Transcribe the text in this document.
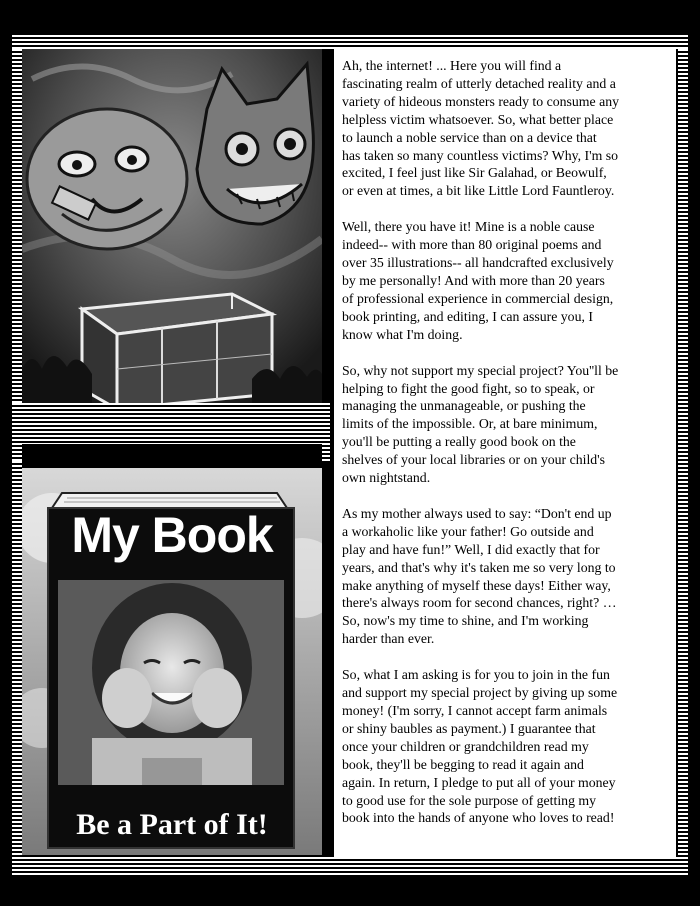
My Book
Be a Part of It!

Ah, the internet! ... Here you will find a
fascinating realm of utterly detached reality and a
variety of hideous monsters ready to consume any
helpless victim whatsoever. So, what better place
to launch a noble service than on a device that
has taken so many countless victims? Why, I'm so
excited, I feel just like Sir Galahad, or Beowulf,
or even at times, a bit like Little Lord Fauntleroy.

Well, there you have it! Mine is a noble cause
indeed-- with more than 80 original poems and
over 35 illustrations-- all handcrafted exclusively
by me personally! And with more than 20 years
of professional experience in commercial design,
book printing, and editing, I can assure you, I
know what I'm doing.

So, why not support my special project? You''ll be
helping to fight the good fight, so to speak, or
managing the unmanageable, or pushing the
limits of the impossible. Or, at bare minimum,
you'll be putting a really good book on the
shelves of your local libraries or on your child's
own nightstand.

As my mother always used to say: “Don't end up
a workaholic like your father! Go outside and
play and have fun!” Well, I did exactly that for
years, and that's why it's taken me so very long to
make anything of myself these days! Either way,
there's always room for second chances, right? …
So, now's my time to shine, and I'm working
harder than ever.

So, what I am asking is for you to join in the fun
and support my special project by giving up some
money! (I'm sorry, I cannot accept farm animals
or shiny baubles as payment.) I guarantee that
once your children or grandchildren read my
book, they'll be begging to read it again and
again. In return, I pledge to put all of your money
to good use for the sole purpose of getting my
book into the hands of anyone who loves to read!
